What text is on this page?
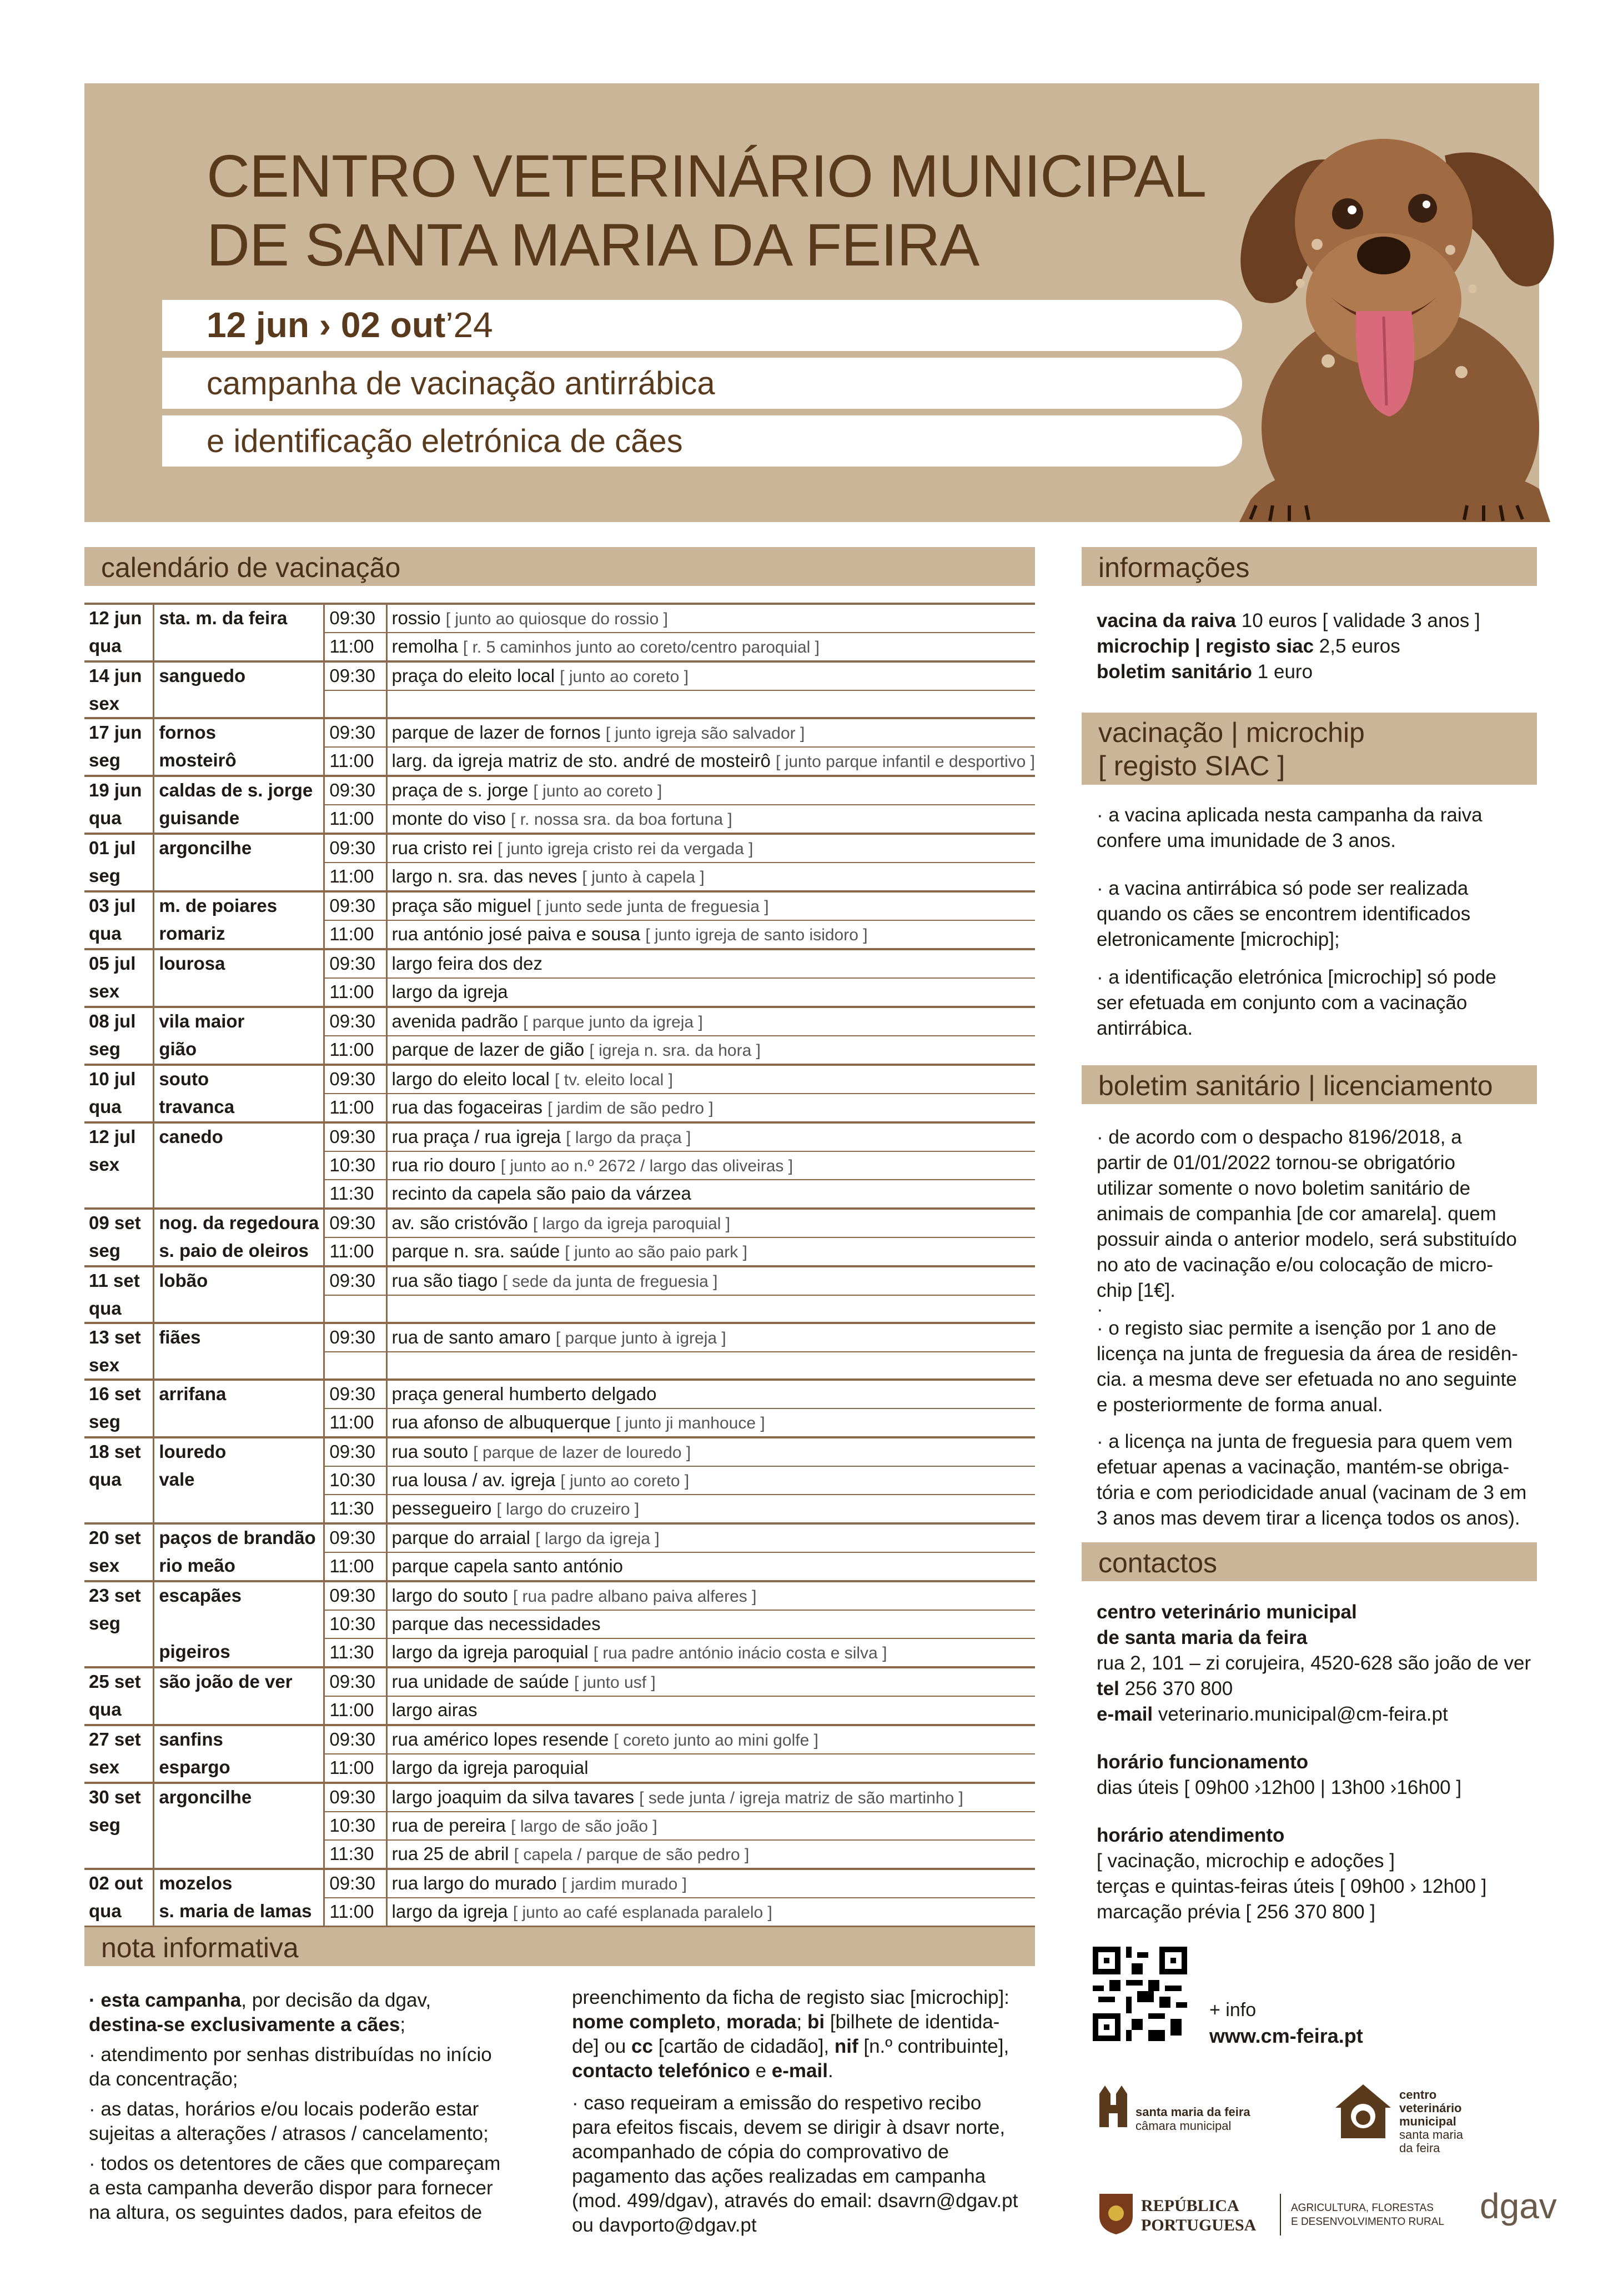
CENTRO VETERINÁRIO MUNICIPAL
DE SANTA MARIA DA FEIRA
12 jun › 02 out’24
campanha de vacinação antirrábica
e identificação eletrónica de cães
calendário de vacinação
12 jun	sta. m. da feira	09:30	rossio [ junto ao quiosque do rossio ]
qua		11:00	remolha [ r. 5 caminhos junto ao coreto/centro paroquial ]
14 jun	sanguedo	09:30	praça do eleito local [ junto ao coreto ]
sex			
17 jun	fornos	09:30	parque de lazer de fornos [ junto igreja são salvador ]
seg	mosteirô	11:00	larg. da igreja matriz de sto. andré de mosteirô [ junto parque infantil e desportivo ]
19 jun	caldas de s. jorge	09:30	praça de s. jorge [ junto ao coreto ]
qua	guisande	11:00	monte do viso [ r. nossa sra. da boa fortuna ]
01 jul	argoncilhe	09:30	rua cristo rei [ junto igreja cristo rei da vergada ]
seg		11:00	largo n. sra. das neves [ junto à capela ]
03 jul	m. de poiares	09:30	praça são miguel [ junto sede junta de freguesia ]
qua	romariz	11:00	rua antónio josé paiva e sousa [ junto igreja de santo isidoro ]
05 jul	lourosa	09:30	largo feira dos dez
sex		11:00	largo da igreja
08 jul	vila maior	09:30	avenida padrão [ parque junto da igreja ]
seg	gião	11:00	parque de lazer de gião [ igreja n. sra. da hora ]
10 jul	souto	09:30	largo do eleito local [ tv. eleito local ]
qua	travanca	11:00	rua das fogaceiras [ jardim de são pedro ]
12 jul	canedo	09:30	rua praça / rua igreja [ largo da praça ]
sex		10:30	rua rio douro [ junto ao n.º 2672 / largo das oliveiras ]
		11:30	recinto da capela são paio da várzea
09 set	nog. da regedoura	09:30	av. são cristóvão [ largo da igreja paroquial ]
seg	s. paio de oleiros	11:00	parque n. sra. saúde [ junto ao são paio park ]
11 set	lobão	09:30	rua são tiago [ sede da junta de freguesia ]
qua			
13 set	fiães	09:30	rua de santo amaro [ parque junto à igreja ]
sex			
16 set	arrifana	09:30	praça general humberto delgado
seg		11:00	rua afonso de albuquerque [ junto ji manhouce ]
18 set	louredo	09:30	rua souto [ parque de lazer de louredo ]
qua	vale	10:30	rua lousa / av. igreja [ junto ao coreto ]
		11:30	pessegueiro [ largo do cruzeiro ]
20 set	paços de brandão	09:30	parque do arraial [ largo da igreja ]
sex	rio meão	11:00	parque capela santo antónio
23 set	escapães	09:30	largo do souto [ rua padre albano paiva alferes ]
seg		10:30	parque das necessidades
	pigeiros	11:30	largo da igreja paroquial [ rua padre antónio inácio costa e silva ]
25 set	são joão de ver	09:30	rua unidade de saúde [ junto usf ]
qua		11:00	largo airas
27 set	sanfins	09:30	rua américo lopes resende [ coreto junto ao mini golfe ]
sex	espargo	11:00	largo da igreja paroquial
30 set	argoncilhe	09:30	largo joaquim da silva tavares [ sede junta / igreja matriz de são martinho ]
seg		10:30	rua de pereira [ largo de são joão ]
		11:30	rua 25 de abril [ capela / parque de são pedro ]
02 out	mozelos	09:30	rua largo do murado [ jardim murado ]
qua	s. maria de lamas	11:00	largo da igreja [ junto ao café esplanada paralelo ]
informações
vacina da raiva 10 euros [ validade 3 anos ]
microchip | registo siac 2,5 euros
boletim sanitário 1 euro
vacinação | microchip
[ registo SIAC ]
· a vacina aplicada nesta campanha da raiva
confere uma imunidade de 3 anos.
· a vacina antirrábica só pode ser realizada
quando os cães se encontrem identificados
eletronicamente [microchip];
· a identificação eletrónica [microchip] só pode
ser efetuada em conjunto com a vacinação
antirrábica.
boletim sanitário | licenciamento
· de acordo com o despacho 8196/2018, a
partir de 01/01/2022 tornou-se obrigatório
utilizar somente o novo boletim sanitário de
animais de companhia [de cor amarela]. quem
possuir ainda o anterior modelo, será substituído
no ato de vacinação e/ou colocação de micro-
chip [1€].
·
· o registo siac permite a isenção por 1 ano de
licença na junta de freguesia da área de residên-
cia. a mesma deve ser efetuada no ano seguinte
e posteriormente de forma anual.
· a licença na junta de freguesia para quem vem
efetuar apenas a vacinação, mantém-se obriga-
tória e com periodicidade anual (vacinam de 3 em
3 anos mas devem tirar a licença todos os anos).
contactos
centro veterinário municipal
de santa maria da feira
rua 2, 101 – zi corujeira, 4520-628 são joão de ver
tel 256 370 800
e-mail veterinario.municipal@cm-feira.pt
horário funcionamento
dias úteis [ 09h00 ›12h00 | 13h00 ›16h00 ]
horário atendimento
[ vacinação, microchip e adoções ]
terças e quintas-feiras úteis [ 09h00 › 12h00 ]
marcação prévia [ 256 370 800 ]
+ info
www.cm-feira.pt
santa maria da feira
câmara municipal
centro
veterinário
municipal
santa maria
da feira
REPÚBLICA
PORTUGUESA
AGRICULTURA, FLORESTAS
E DESENVOLVIMENTO RURAL dgav
nota informativa
· esta campanha, por decisão da dgav,
destina-se exclusivamente a cães;
· atendimento por senhas distribuídas no início
da concentração;
· as datas, horários e/ou locais poderão estar
sujeitas a alterações / atrasos / cancelamento;
· todos os detentores de cães que compareçam
a esta campanha deverão dispor para fornecer
na altura, os seguintes dados, para efeitos de
preenchimento da ficha de registo siac [microchip]:
nome completo, morada; bi [bilhete de identida-
de] ou cc [cartão de cidadão], nif [n.º contribuinte],
contacto telefónico e e-mail.
· caso requeiram a emissão do respetivo recibo
para efeitos fiscais, devem se dirigir à dsavr norte,
acompanhado de cópia do comprovativo de
pagamento das ações realizadas em campanha
(mod. 499/dgav), através do email: dsavrn@dgav.pt
ou davporto@dgav.pt
